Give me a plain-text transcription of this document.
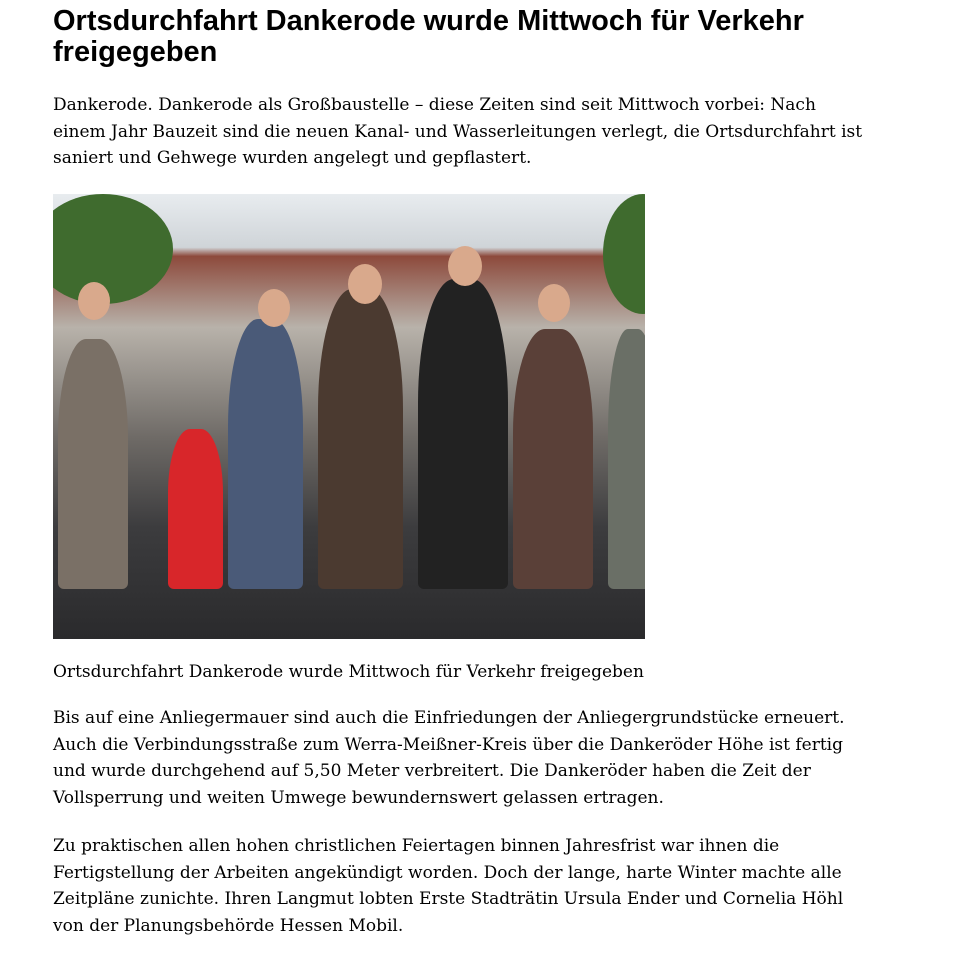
Ortsdurchfahrt Dankerode wurde Mittwoch für Verkehr freigegeben

Dankerode. Dankerode als Großbaustelle – diese Zeiten sind seit Mittwoch vorbei: Nach einem Jahr Bauzeit sind die neuen Kanal- und Wasserleitungen verlegt, die Ortsdurchfahrt ist saniert und Gehwege wurden angelegt und gepflastert.

Ortsdurchfahrt Dankerode wurde Mittwoch für Verkehr freigegeben

Bis auf eine Anliegermauer sind auch die Einfriedungen der Anliegergrundstücke erneuert. Auch die Verbindungsstraße zum Werra-Meißner-Kreis über die Dankeröder Höhe ist fertig und wurde durchgehend auf 5,50 Meter verbreitert. Die Dankeröder haben die Zeit der Vollsperrung und weiten Umwege bewundernswert gelassen ertragen.

Zu praktischen allen hohen christlichen Feiertagen binnen Jahresfrist war ihnen die Fertigstellung der Arbeiten angekündigt worden. Doch der lange, harte Winter machte alle Zeitpläne zunichte. Ihren Langmut lobten Erste Stadträtin Ursula Ender und Cornelia Höhl von der Planungsbehörde Hessen Mobil.
